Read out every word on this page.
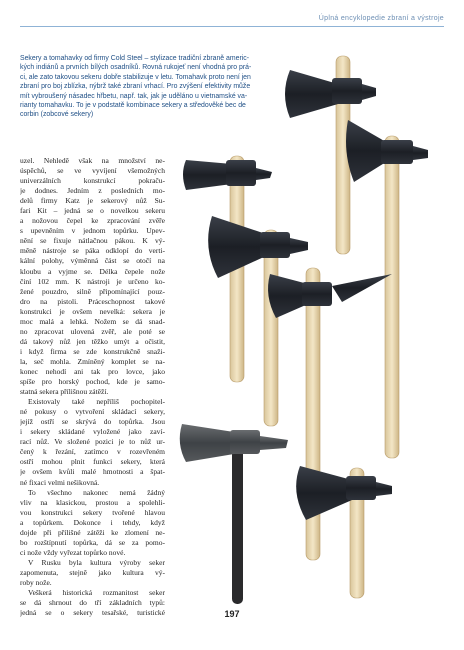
Úplná encyklopedie zbraní a výstroje
Sekery a tomahavky od firmy Cold Steel – stylizace tradiční zbraně americ-
kých indiánů a prvních bílých osadníků. Rovná rukojeť není vhodná pro prá-
ci, ale zato takovou sekeru dobře stabilizuje v letu. Tomahavk proto není jen
zbraní pro boj zblízka, nýbrž také zbraní vrhací. Pro zvýšení efektivity může
mít vybroušený násadec hřbetu, např. tak, jak je uděláno u vietnamské va-
rianty tomahavku. To je v podstatě kombinace sekery a středověké bec de
corbin (zobcové sekery)
uzel. Nehledě však na množství ne-
úspěchů, se ve vyvíjení všemožných
univerzálních konstrukcí pokraču-
je dodnes. Jedním z posledních mo-
delů firmy Katz je sekerový nůž Su-
fari Kit – jedná se o novelkou sekeru
a nožovou čepel ke zpracování zvěře
s upevněním v jednom topůrku. Upev-
nění se fixuje nátlačnou pákou. K vý-
měně nástroje se páka odklopí do verti-
kální polohy, výměnná část se otočí na
kloubu a vyjme se. Délka čepele nože
činí 102 mm. K nástroji je určeno ko-
žené pouzdro, silně připomínající pouz-
dro na pistoli. Práceschopnost takové
konstrukci je ovšem nevelká: sekera je
moc malá a lehká. Nožem se dá snad-
no zpracovat ulovená zvěř, ale poté se
dá takový nůž jen těžko umýt a očistit,
i když firma se zde konstrukčně snaži-
la, seč mohla. Zmíněný komplet se na-
konec nehodí ani tak pro lovce, jako
spíše pro horský pochod, kde je samo-
statná sekera přílišnou zátěží.
Existovaly také nepříliš pochopitel-
né pokusy o vytvoření skládací sekery,
jejíž ostří se skrývá do topůrka. Jsou
i sekery skládané vyložené jako zaví-
rací nůž. Ve složené pozici je to nůž ur-
čený k řezání, zatímco v rozevřeném
ostří mohou plnit funkci sekery, která
je ovšem kvůli malé hmotnosti a špat-
né fixaci velmi nešikovná.
To všechno nakonec nemá žádný
vliv na klasickou, prostou a spolehli-
vou konstrukci sekery tvořené hlavou
a topůrkem. Dokonce i tehdy, když
dojde při přílišné zátěži ke zlomení ne-
bo rozštípnutí topůrka, dá se za pomo-
ci nože vždy vyřezat topůrko nové.
V Rusku byla kultura výroby seker
zapomenuta, stejně jako kultura vý-
roby nože.
Veškerá historická rozmanitost seker
se dá shrnout do tří základních typů:
jedná se o sekery tesařské, turistické	197
